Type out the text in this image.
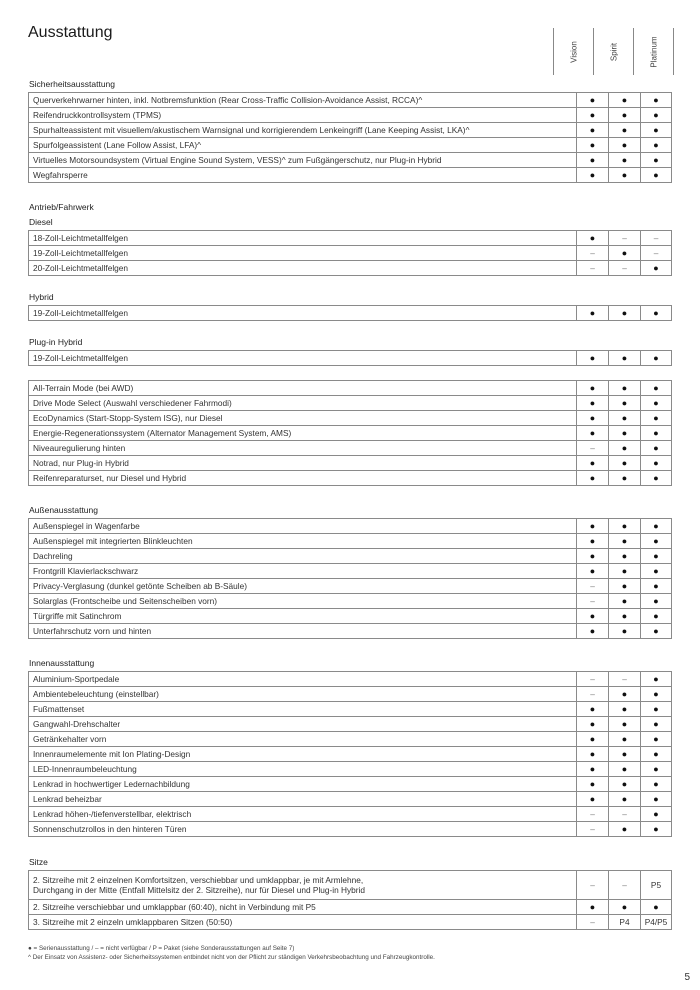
Ausstattung
Vision	Spirit	Platinum
Sicherheitsausstattung
Querverkehrwarner hinten, inkl. Notbremsfunktion (Rear Cross-Traffic Collision-Avoidance Assist, RCCA)^	●	●	●
Reifendruckkontrollsystem (TPMS)	●	●	●
Spurhalteassistent mit visuellem/akustischem Warnsignal und korrigierendem Lenkeingriff (Lane Keeping Assist, LKA)^	●	●	●
Spurfolgeassistent (Lane Follow Assist, LFA)^	●	●	●
Virtuelles Motorsoundsystem (Virtual Engine Sound System, VESS)^ zum Fußgängerschutz, nur Plug-in Hybrid	●	●	●
Wegfahrsperre	●	●	●
Diesel
Antrieb/Fahrwerk
18-Zoll-Leichtmetallfelgen	●	–	–
19-Zoll-Leichtmetallfelgen	–	●	–
20-Zoll-Leichtmetallfelgen	–	–	●
Hybrid
19-Zoll-Leichtmetallfelgen	●	●	●
Plug-in Hybrid
19-Zoll-Leichtmetallfelgen	●	●	●
All-Terrain Mode (bei AWD)	●	●	●
Drive Mode Select (Auswahl verschiedener Fahrmodi)	●	●	●
EcoDynamics (Start-Stopp-System ISG), nur Diesel	●	●	●
Energie-Regenerationssystem (Alternator Management System, AMS)	●	●	●
Niveauregulierung hinten	–	●	●
Notrad, nur Plug-in Hybrid	●	●	●
Reifenreparaturset, nur Diesel und Hybrid	●	●	●
Außenausstattung
Außenspiegel in Wagenfarbe	●	●	●
Außenspiegel mit integrierten Blinkleuchten	●	●	●
Dachreling	●	●	●
Frontgrill Klavierlackschwarz	●	●	●
Privacy-Verglasung (dunkel getönte Scheiben ab B-Säule)	–	●	●
Solarglas (Frontscheibe und Seitenscheiben vorn)	–	●	●
Türgriffe mit Satinchrom	●	●	●
Unterfahrschutz vorn und hinten	●	●	●
Innenausstattung
Aluminium-Sportpedale	–	–	●
Ambientebeleuchtung (einstellbar)	–	●	●
Fußmattenset	●	●	●
Gangwahl-Drehschalter	●	●	●
Getränkehalter vorn	●	●	●
Innenraumelemente mit Ion Plating-Design	●	●	●
LED-Innenraumbeleuchtung	●	●	●
Lenkrad in hochwertiger Ledernachbildung	●	●	●
Lenkrad beheizbar	●	●	●
Lenkrad höhen-/tiefenverstellbar, elektrisch	–	–	●
Sonnenschutzrollos in den hinteren Türen	–	●	●
Sitze
2. Sitzreihe mit 2 einzelnen Komfortsitzen, verschiebbar und umklappbar, je mit Armlehne,
Durchgang in der Mitte (Entfall Mittelsitz der 2. Sitzreihe), nur für Diesel und Plug-in Hybrid	–	–	P5
2. Sitzreihe verschiebbar und umklappbar (60:40), nicht in Verbindung mit P5	●	●	●
3. Sitzreihe mit 2 einzeln umklappbaren Sitzen (50:50)	–	P4	P4/P5
● = Serienausstattung / – = nicht verfügbar / P = Paket (siehe Sonderausstattungen auf Seite 7)
^ Der Einsatz von Assistenz- oder Sicherheitssystemen entbindet nicht von der Pflicht zur ständigen Verkehrsbeobachtung und Fahrzeugkontrolle.
5
